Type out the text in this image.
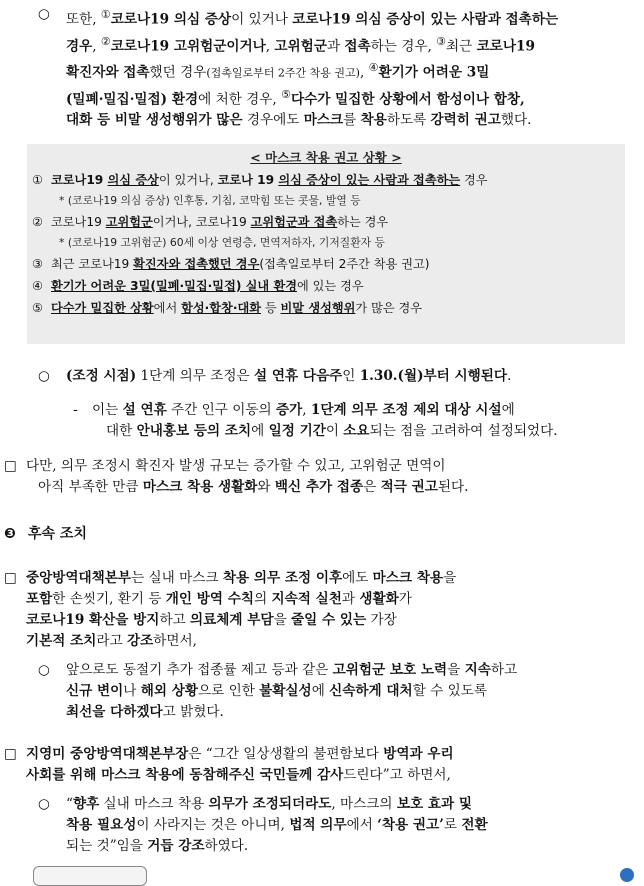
○ 또한, ①코로나19 의심 증상이 있거나 코로나19 의심 증상이 있는 사람과 접촉하는
경우, ②코로나19 고위험군이거나, 고위험군과 접촉하는 경우, ③최근 코로나19
확진자와 접촉했던 경우(접촉일로부터 2주간 착용 권고), ④환기가 어려운 3밀
(밀폐·밀집·밀접) 환경에 처한 경우, ⑤다수가 밀집한 상황에서 함성이나 합창,
대화 등 비말 생성행위가 많은 경우에도 마스크를 착용하도록 강력히 권고했다.
< 마스크 착용 권고 상황 >
① 코로나19 의심 증상이 있거나, 코로나 19 의심 증상이 있는 사람과 접촉하는 경우
* (코로나19 의심 증상) 인후통, 기침, 코막힘 또는 콧물, 발열 등
② 코로나19 고위험군이거나, 코로나19 고위험군과 접촉하는 경우
* (코로나19 고위험군) 60세 이상 연령층, 면역저하자, 기저질환자 등
③ 최근 코로나19 확진자와 접촉했던 경우(접촉일로부터 2주간 착용 권고)
④ 환기가 어려운 3밀(밀폐·밀집·밀접) 실내 환경에 있는 경우
⑤ 다수가 밀집한 상황에서 함성·합창·대화 등 비말 생성행위가 많은 경우
○ (조정 시점) 1단계 의무 조정은 설 연휴 다음주인 1.30.(월)부터 시행된다.
- 이는 설 연휴 주간 인구 이동의 증가, 1단계 의무 조정 제외 대상 시설에
대한 안내홍보 등의 조치에 일정 기간이 소요되는 점을 고려하여 설정되었다.
□ 다만, 의무 조정시 확진자 발생 규모는 증가할 수 있고, 고위험군 면역이
아직 부족한 만큼 마스크 착용 생활화와 백신 추가 접종은 적극 권고된다.
❸ 후속 조치
□ 중앙방역대책본부는 실내 마스크 착용 의무 조정 이후에도 마스크 착용을
포함한 손씻기, 환기 등 개인 방역 수칙의 지속적 실천과 생활화가
코로나19 확산을 방지하고 의료체계 부담을 줄일 수 있는 가장
기본적 조치라고 강조하면서,
○ 앞으로도 동절기 추가 접종률 제고 등과 같은 고위험군 보호 노력을 지속하고
신규 변이나 해외 상황으로 인한 불확실성에 신속하게 대처할 수 있도록
최선을 다하겠다고 밝혔다.
□ 지영미 중앙방역대책본부장은 “그간 일상생활의 불편함보다 방역과 우리
사회를 위해 마스크 착용에 동참해주신 국민들께 감사드린다”고 하면서,
○ “향후 실내 마스크 착용 의무가 조정되더라도, 마스크의 보호 효과 및
착용 필요성이 사라지는 것은 아니며, 법적 의무에서 ‘착용 권고’로 전환
되는 것”임을 거듭 강조하였다.
